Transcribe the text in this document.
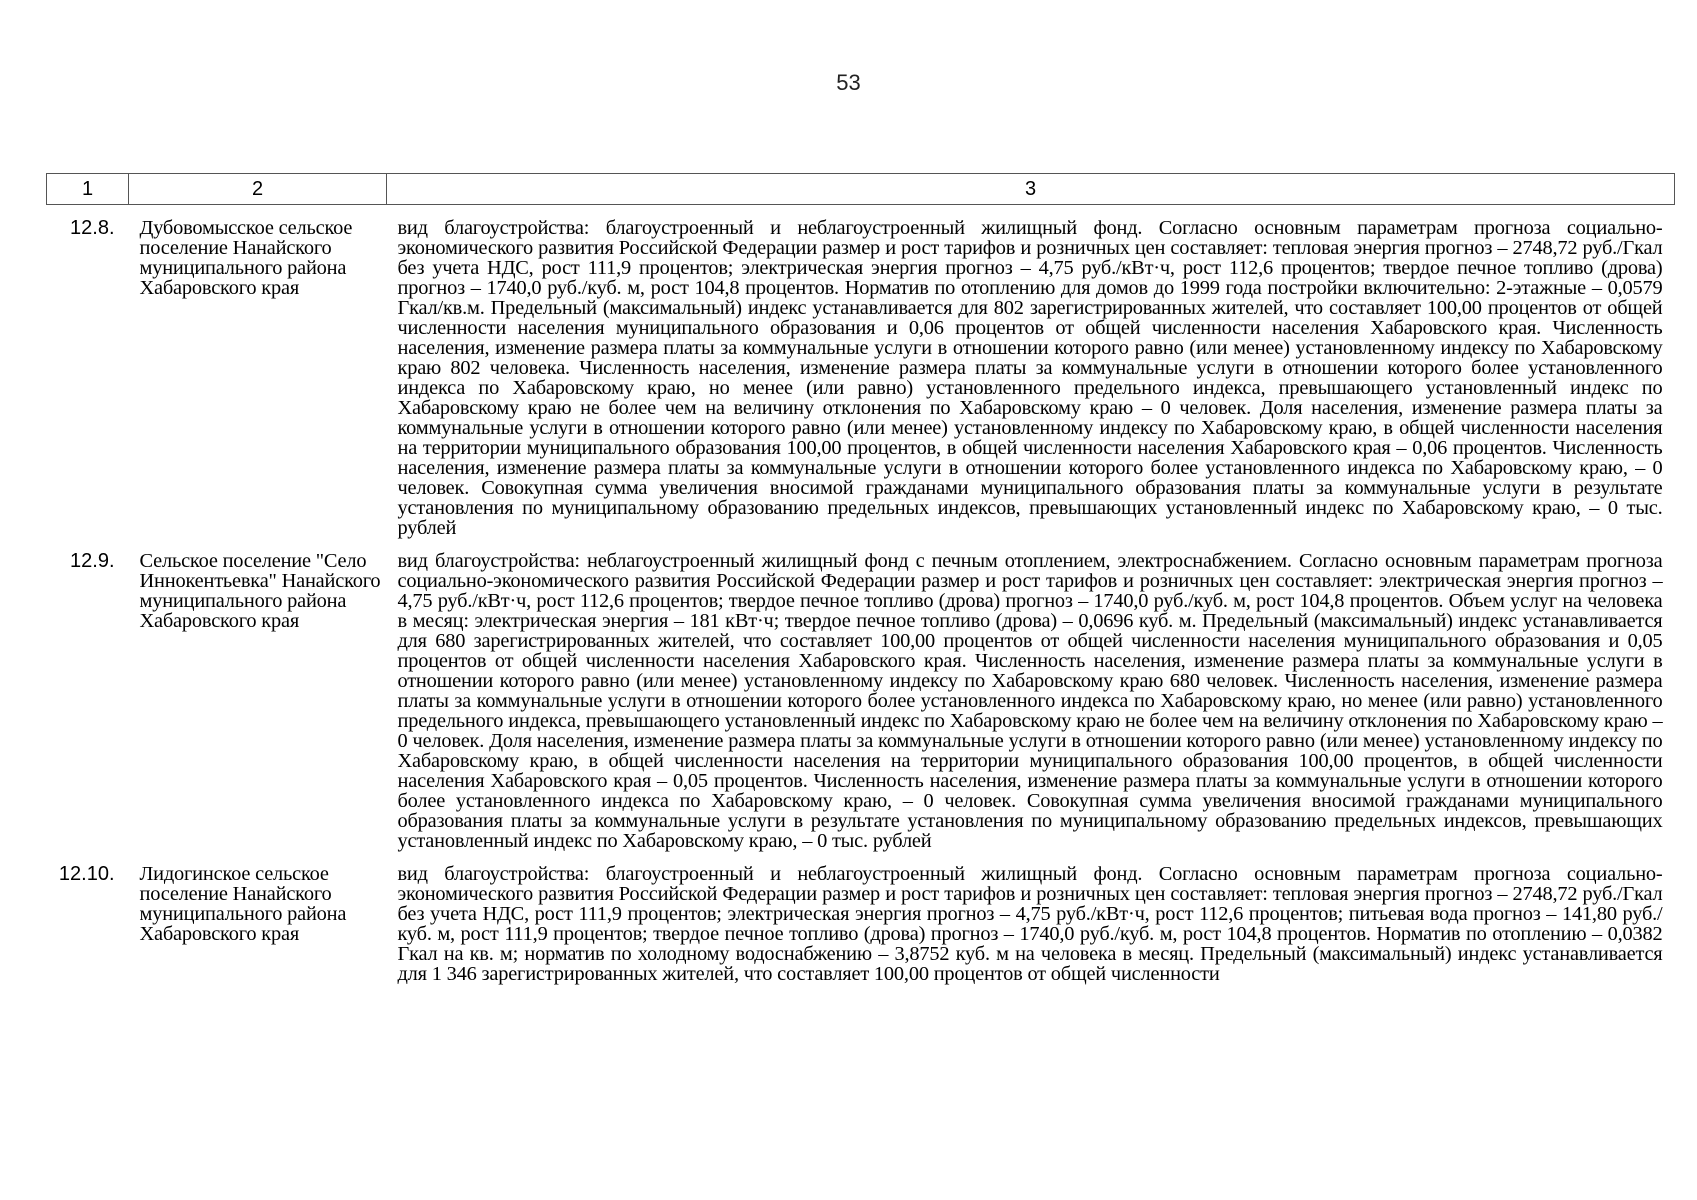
53
1	2	3
12.8.	Дубовомысское сельское поселение Нанайского муниципального района Хабаровского края	вид благоустройства: благоустроенный и неблагоустроенный жилищный фонд. Согласно основным параметрам прогноза социально-экономического развития Российской Федерации размер и рост тарифов и розничных цен составляет: тепловая энергия прогноз – 2748,72 руб./Гкал без учета НДС, рост 111,9 процентов; электрическая энергия прогноз – 4,75 руб./кВт·ч, рост 112,6 процентов; твердое печное топливо (дрова) прогноз – 1740,0 руб./куб. м, рост 104,8 процентов. Норматив по отоплению для домов до 1999 года постройки включительно: 2-этажные – 0,0579 Гкал/кв.м. Предельный (максимальный) индекс устанавливается для 802 зарегистрированных жителей, что составляет 100,00 процентов от общей численности населения муниципального образования и 0,06 процентов от общей численности населения Хабаровского края. Численность населения, изменение размера платы за коммунальные услуги в отношении которого равно (или менее) установленному индексу по Хабаровскому краю 802 человека. Численность населения, изменение размера платы за коммунальные услуги в отношении которого более установленного индекса по Хабаровскому краю, но менее (или равно) установленного предельного индекса, превышающего установленный индекс по Хабаровскому краю не более чем на величину отклонения по Хабаровскому краю – 0 человек. Доля населения, изменение размера платы за коммунальные услуги в отношении которого равно (или менее) установленному индексу по Хабаровскому краю, в общей численности населения на территории муниципального образования 100,00 процентов, в общей численности населения Хабаровского края – 0,06 процентов. Численность населения, изменение размера платы за коммунальные услуги в отношении которого более установленного индекса по Хабаровскому краю, – 0 человек. Совокупная сумма увеличения вносимой гражданами муниципального образования платы за коммунальные услуги в результате установления по муниципальному образованию предельных индексов, превышающих установленный индекс по Хабаровскому краю, – 0 тыс. рублей
12.9.	Сельское поселение "Село Иннокентьевка" Нанайского муниципального района Хабаровского края	вид благоустройства: неблагоустроенный жилищный фонд с печным отоплением, электроснабжением. Согласно основным параметрам прогноза социально-экономического развития Российской Федерации размер и рост тарифов и розничных цен составляет: электрическая энергия прогноз – 4,75 руб./кВт·ч, рост 112,6 процентов; твердое печное топливо (дрова) прогноз – 1740,0 руб./куб. м, рост 104,8 процентов. Объем услуг на человека в месяц: электрическая энергия – 181 кВт·ч; твердое печное топливо (дрова) – 0,0696 куб. м. Предельный (максимальный) индекс устанавливается для 680 зарегистрированных жителей, что составляет 100,00 процентов от общей численности населения муниципального образования и 0,05 процентов от общей численности населения Хабаровского края. Численность населения, изменение размера платы за коммунальные услуги в отношении которого равно (или менее) установленному индексу по Хабаровскому краю 680 человек. Численность населения, изменение размера платы за коммунальные услуги в отношении которого более установленного индекса по Хабаровскому краю, но менее (или равно) установленного предельного индекса, превышающего установленный индекс по Хабаровскому краю не более чем на величину отклонения по Хабаровскому краю – 0 человек. Доля населения, изменение размера платы за коммунальные услуги в отношении которого равно (или менее) установленному индексу по Хабаровскому краю, в общей численности населения на территории муниципального образования 100,00 процентов, в общей численности населения Хабаровского края – 0,05 процентов. Численность населения, изменение размера платы за коммунальные услуги в отношении которого более установленного индекса по Хабаровскому краю, – 0 человек. Совокупная сумма увеличения вносимой гражданами муниципального образования платы за коммунальные услуги в результате установления по муниципальному образованию предельных индексов, превышающих установленный индекс по Хабаровскому краю, – 0 тыс. рублей
12.10.	Лидогинское сельское поселение Нанайского муниципального района Хабаровского края	вид благоустройства: благоустроенный и неблагоустроенный жилищный фонд. Согласно основным параметрам прогноза социально-экономического развития Российской Федерации размер и рост тарифов и розничных цен составляет: тепловая энергия прогноз – 2748,72 руб./Гкал без учета НДС, рост 111,9 процентов; электрическая энергия прогноз – 4,75 руб./кВт·ч, рост 112,6 процентов; питьевая вода прогноз – 141,80 руб./куб. м, рост 111,9 процентов; твердое печное топливо (дрова) прогноз – 1740,0 руб./куб. м, рост 104,8 процентов. Норматив по отоплению – 0,0382 Гкал на кв. м; норматив по холодному водоснабжению – 3,8752 куб. м на человека в месяц. Предельный (максимальный) индекс устанавливается для 1 346 зарегистрированных жителей, что составляет 100,00 процентов от общей численности
